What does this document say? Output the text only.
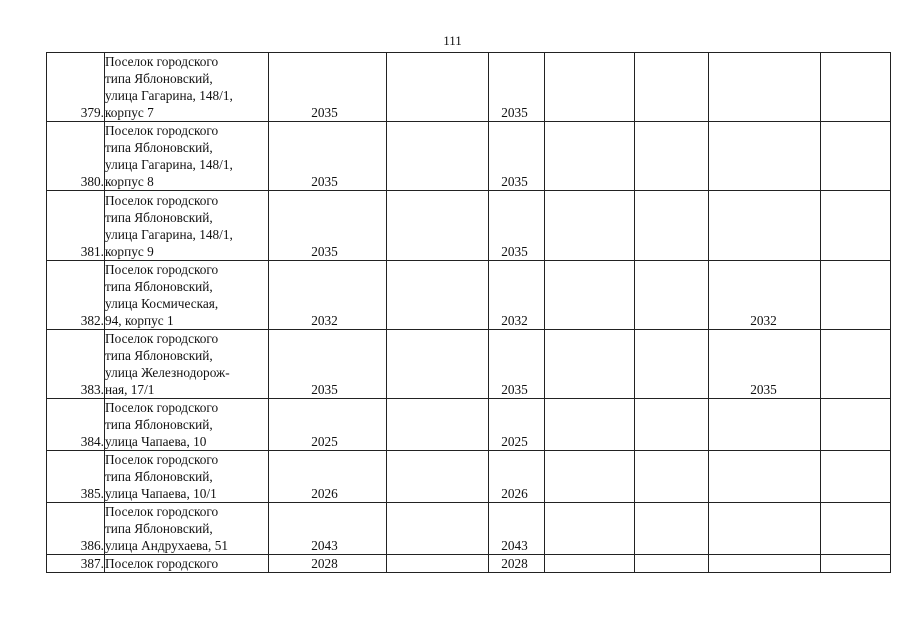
111
379.	Поселок городского
типа Яблоновский,
улица Гагарина, 148/1,
корпус 7	2035		2035				
380.	Поселок городского
типа Яблоновский,
улица Гагарина, 148/1,
корпус 8	2035		2035				
381.	Поселок городского
типа Яблоновский,
улица Гагарина, 148/1,
корпус 9	2035		2035				
382.	Поселок городского
типа Яблоновский,
улица Космическая,
94, корпус 1	2032		2032			2032	
383.	Поселок городского
типа Яблоновский,
улица Железнодорож-
ная, 17/1	2035		2035			2035	
384.	Поселок городского
типа Яблоновский,
улица Чапаева, 10	2025		2025				
385.	Поселок городского
типа Яблоновский,
улица Чапаева, 10/1	2026		2026				
386.	Поселок городского
типа Яблоновский,
улица Андрухаева, 51	2043		2043				
387.	Поселок городского	2028		2028				
